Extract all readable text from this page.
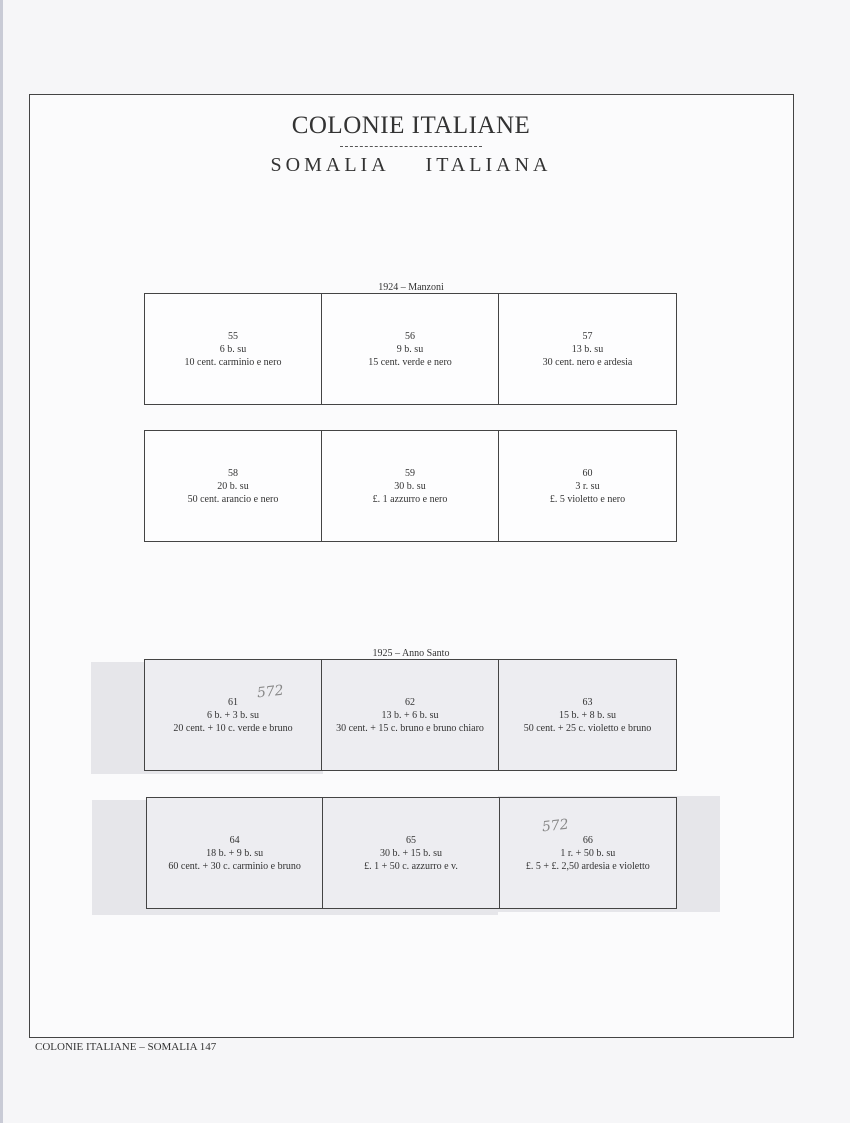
COLONIE ITALIANE
SOMALIA ITALIANA
1924 – Manzoni
55
6 b. su
10 cent. carminio e nero
56
9 b. su
15 cent. verde e nero
57
13 b. su
30 cent. nero e ardesia
58
20 b. su
50 cent. arancio e nero
59
30 b. su
£. 1 azzurro e nero
60
3 r. su
£. 5 violetto e nero
1925 – Anno Santo
61
6 b. + 3 b. su
20 cent. + 10 c. verde e bruno
572
62
13 b. + 6 b. su
30 cent. + 15 c. bruno e bruno chiaro
63
15 b. + 8 b. su
50 cent. + 25 c. violetto e bruno
64
18 b. + 9 b. su
60 cent. + 30 c. carminio e bruno
65
30 b. + 15 b. su
£. 1 + 50 c. azzurro e v.
66
1 r. + 50 b. su
£. 5 + £. 2,50 ardesia e violetto
572
COLONIE ITALIANE – SOMALIA 147
